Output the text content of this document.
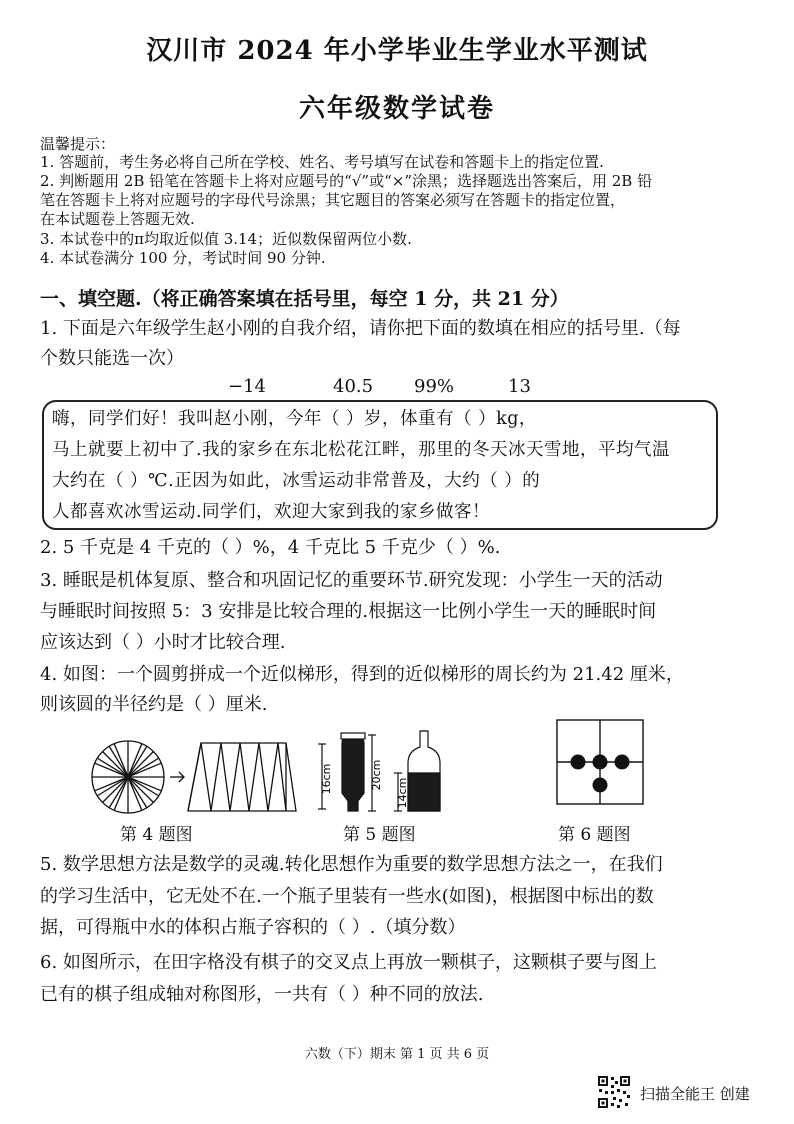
汉川市 2024 年小学毕业生学业水平测试
六年级数学试卷
温馨提示：
1. 答题前，考生务必将自己所在学校、姓名、考号填写在试卷和答题卡上的指定位置.
2. 判断题用 2B 铅笔在答题卡上将对应题号的“√”或“×”涂黑；选择题选出答案后，用 2B 铅
笔在答题卡上将对应题号的字母代号涂黑；其它题目的答案必须写在答题卡的指定位置，
在本试题卷上答题无效.
3. 本试卷中的π均取近似值 3.14；近似数保留两位小数.
4. 本试卷满分 100 分，考试时间 90 分钟.
一、填空题.（将正确答案填在括号里，每空 1 分，共 21 分）
1. 下面是六年级学生赵小刚的自我介绍，请你把下面的数填在相应的括号里.（每
个数只能选一次）
−14	40.5 99%	13
嗨，同学们好！我叫赵小刚，今年（ ）岁，体重有（ ）kg，
马上就要上初中了.我的家乡在东北松花江畔，那里的冬天冰天雪地，平均气温
大约在（ ）℃.正因为如此，冰雪运动非常普及，大约（ ）的
人都喜欢冰雪运动.同学们，欢迎大家到我的家乡做客！
2. 5 千克是 4 千克的（ ）%，4 千克比 5 千克少（ ）%.
3. 睡眠是机体复原、整合和巩固记忆的重要环节.研究发现：小学生一天的活动
与睡眠时间按照 5：3 安排是比较合理的.根据这一比例小学生一天的睡眠时间
应该达到（ ）小时才比较合理.
4. 如图：一个圆剪拼成一个近似梯形，得到的近似梯形的周长约为 21.42 厘米，
则该圆的半径约是（ ）厘米.
16cm	20cm
14cm
第 4 题图	第 5 题图	第 6 题图
5. 数学思想方法是数学的灵魂.转化思想作为重要的数学思想方法之一，在我们
的学习生活中，它无处不在.一个瓶子里装有一些水(如图)，根据图中标出的数
据，可得瓶中水的体积占瓶子容积的（ ）.（填分数）
6. 如图所示，在田字格没有棋子的交叉点上再放一颗棋子，这颗棋子要与图上
已有的棋子组成轴对称图形，一共有（ ）种不同的放法.
六数（下）期末 第 1 页 共 6 页
扫描全能王 创建
